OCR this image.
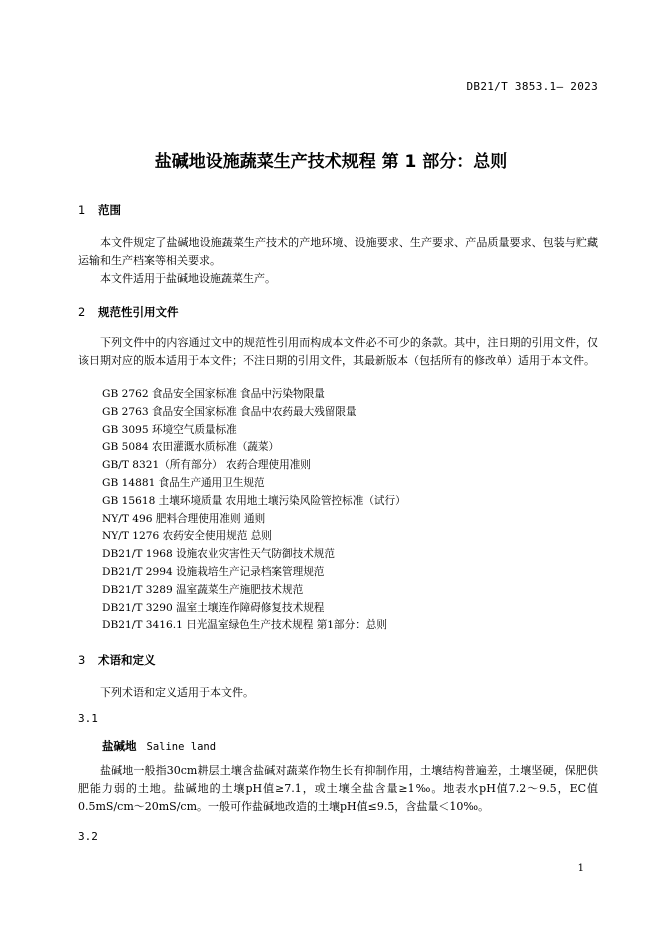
DB21/T 3853.1— 2023
盐碱地设施蔬菜生产技术规程 第 1 部分：总则
1 范围
本文件规定了盐碱地设施蔬菜生产技术的产地环境、设施要求、生产要求、产品质量要求、包装与贮藏运输和生产档案等相关要求。
本文件适用于盐碱地设施蔬菜生产。
2 规范性引用文件
下列文件中的内容通过文中的规范性引用而构成本文件必不可少的条款。其中，注日期的引用文件，仅该日期对应的版本适用于本文件；不注日期的引用文件，其最新版本（包括所有的修改单）适用于本文件。
GB 2762 食品安全国家标准 食品中污染物限量
GB 2763 食品安全国家标准 食品中农药最大残留限量
GB 3095 环境空气质量标准
GB 5084 农田灌溉水质标准（蔬菜）
GB/T 8321（所有部分） 农药合理使用准则
GB 14881 食品生产通用卫生规范
GB 15618 土壤环境质量 农用地土壤污染风险管控标准（试行）
NY/T 496 肥料合理使用准则 通则
NY/T 1276 农药安全使用规范 总则
DB21/T 1968 设施农业灾害性天气防御技术规范
DB21/T 2994 设施栽培生产记录档案管理规范
DB21/T 3289 温室蔬菜生产施肥技术规范
DB21/T 3290 温室土壤连作障碍修复技术规程
DB21/T 3416.1 日光温室绿色生产技术规程 第1部分：总则
3 术语和定义
下列术语和定义适用于本文件。
3.1
盐碱地 Saline land
盐碱地一般指30cm耕层土壤含盐碱对蔬菜作物生长有抑制作用，土壤结构普遍差，土壤坚硬，保肥供肥能力弱的土地。盐碱地的土壤pH值≥7.1，或土壤全盐含量≥1‰。地表水pH值7.2～9.5，EC值0.5mS/cm～20mS/cm。一般可作盐碱地改造的土壤pH值≤9.5，含盐量＜10‰。
3.2
1
